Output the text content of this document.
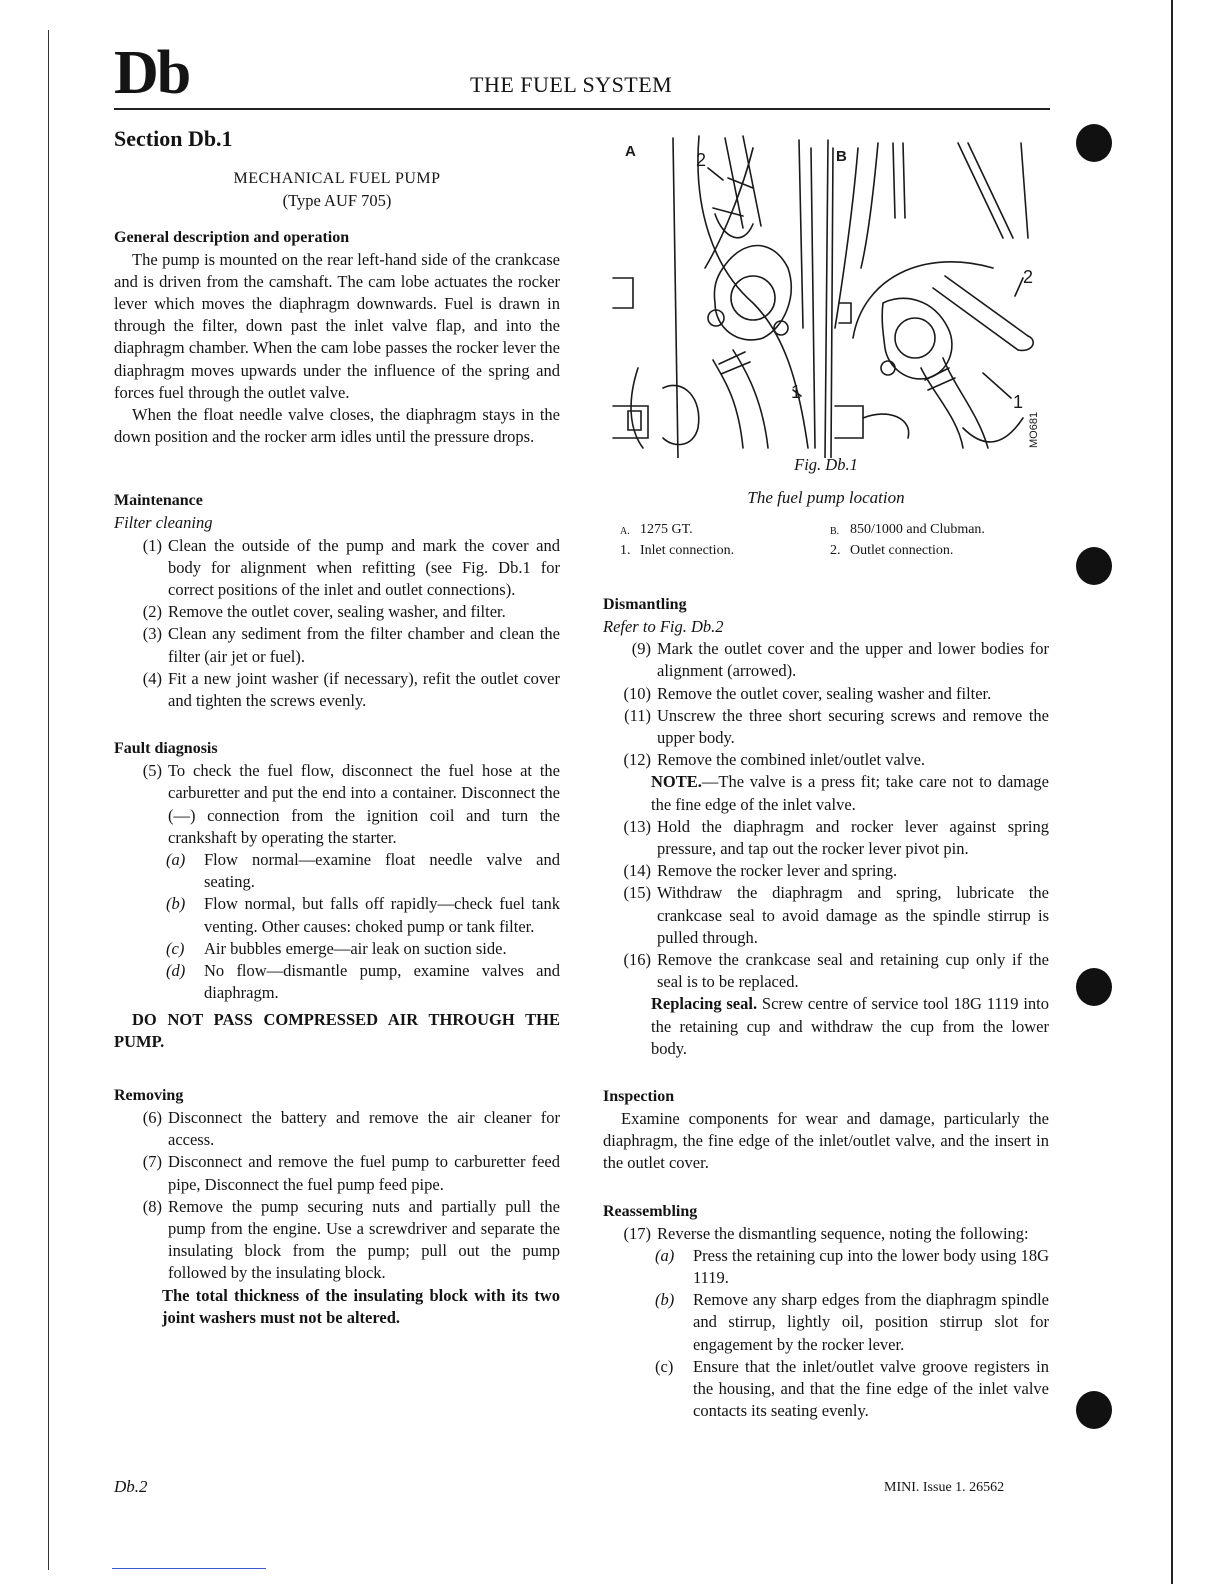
Db	THE FUEL SYSTEM
Section Db.1
MECHANICAL FUEL PUMP
(Type AUF 705)
General description and operation

The pump is mounted on the rear left-hand side of the crankcase and is driven from the camshaft. The cam lobe actuates the rocker lever which moves the diaphragm downwards. Fuel is drawn in through the filter, down past the inlet valve flap, and into the diaphragm chamber. When the cam lobe passes the rocker lever the diaphragm moves upwards under the influence of the spring and forces fuel through the outlet valve.

When the float needle valve closes, the diaphragm stays in the down position and the rocker arm idles until the pressure drops.

Maintenance
Filter cleaning
(1) Clean the outside of the pump and mark the cover and body for alignment when refitting (see Fig. Db.1 for correct positions of the inlet and outlet connections).
(2) Remove the outlet cover, sealing washer, and filter.
(3) Clean any sediment from the filter chamber and clean the filter (air jet or fuel).
(4) Fit a new joint washer (if necessary), refit the outlet cover and tighten the screws evenly.
Fault diagnosis
(5) To check the fuel flow, disconnect the fuel hose at the carburetter and put the end into a container. Disconnect the (—) connection from the ignition coil and turn the crankshaft by operating the starter.
(a)	Flow normal—examine float needle valve and seating.
(b)	Flow normal, but falls off rapidly—check fuel tank venting. Other causes: choked pump or tank filter.
(c)	Air bubbles emerge—air leak on suction side.
(d)	No flow—dismantle pump, examine valves and diaphragm.
DO NOT PASS COMPRESSED AIR THROUGH THE PUMP.
Removing
(6) Disconnect the battery and remove the air cleaner for access.
(7) Disconnect and remove the fuel pump to carburetter feed pipe, Disconnect the fuel pump feed pipe.
(8) Remove the pump securing nuts and partially pull the pump from the engine. Use a screwdriver and separate the insulating block from the pump; pull out the pump followed by the insulating block.
The total thickness of the insulating block with its two joint washers must not be altered.
A	B
2
2
1	1
MO681
Fig. Db.1
The fuel pump location
A. 1275 GT.	B. 850/1000 and Clubman.
1. Inlet connection.	2. Outlet connection.
Dismantling
Refer to Fig. Db.2
(9) Mark the outlet cover and the upper and lower bodies for alignment (arrowed).
(10) Remove the outlet cover, sealing washer and filter.
(11) Unscrew the three short securing screws and remove the upper body.
(12) Remove the combined inlet/outlet valve.
NOTE.—The valve is a press fit; take care not to damage the fine edge of the inlet valve.
(13) Hold the diaphragm and rocker lever against spring pressure, and tap out the rocker lever pivot pin.
(14) Remove the rocker lever and spring.
(15) Withdraw the diaphragm and spring, lubricate the crankcase seal to avoid damage as the spindle stirrup is pulled through.
(16) Remove the crankcase seal and retaining cup only if the seal is to be replaced.
Replacing seal. Screw centre of service tool 18G 1119 into the retaining cup and withdraw the cup from the lower body.
Inspection

Examine components for wear and damage, particularly the diaphragm, the fine edge of the inlet/outlet valve, and the insert in the outlet cover.

Reassembling
(17) Reverse the dismantling sequence, noting the following:
(a)	Press the retaining cup into the lower body using 18G 1119.
(b)	Remove any sharp edges from the diaphragm spindle and stirrup, lightly oil, position stirrup slot for engagement by the rocker lever.
(c)	Ensure that the inlet/outlet valve groove registers in the housing, and that the fine edge of the inlet valve contacts its seating evenly.
Db.2	MINI. Issue 1. 26562
